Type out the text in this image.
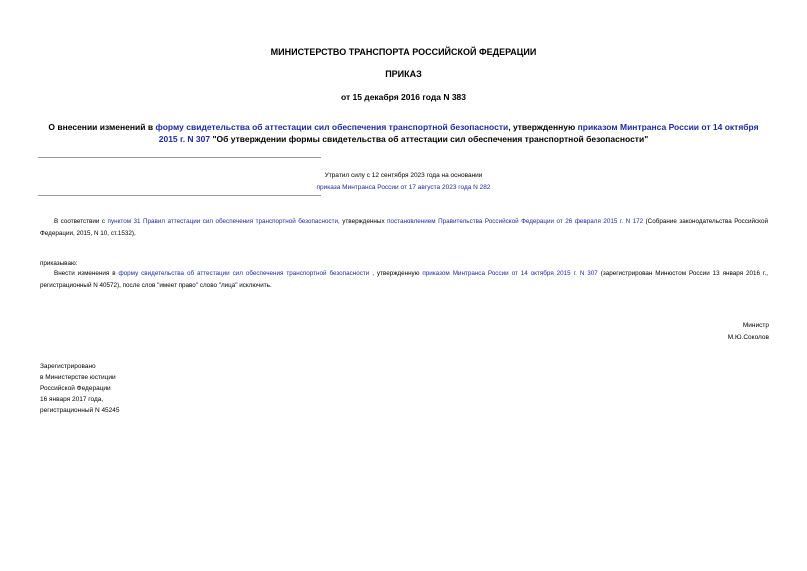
МИНИСТЕРСТВО ТРАНСПОРТА РОССИЙСКОЙ ФЕДЕРАЦИИ
ПРИКАЗ
от 15 декабря 2016 года N 383
О внесении изменений в форму свидетельства об аттестации сил обеспечения транспортной безопасности, утвержденную приказом Минтранса России от 14 октября 2015 г. N 307 "Об утверждении формы свидетельства об аттестации сил обеспечения транспортной безопасности"
Утратил силу с 12 сентября 2023 года на основании
приказа Минтранса России от 17 августа 2023 года N 282
В соответствии с пунктом 31 Правил аттестации сил обеспечения транспортной безопасности, утвержденных постановлением Правительства Российской Федерации от 26 февраля 2015 г. N 172 (Собрание законодательства Российской Федерации, 2015, N 10, ст.1532),
приказываю:
Внести изменения в форму свидетельства об аттестации сил обеспечения транспортной безопасности , утвержденную приказом Минтранса России от 14 октября 2015 г. N 307 (зарегистрирован Минюстом России 13 января 2016 г., регистрационный N 40572), после слов "имеет право" слово "лица" исключить.
Министр
М.Ю.Соколов
Зарегистрировано
в Министерстве юстиции
Российской Федерации
16 января 2017 года,
регистрационный N 45245
